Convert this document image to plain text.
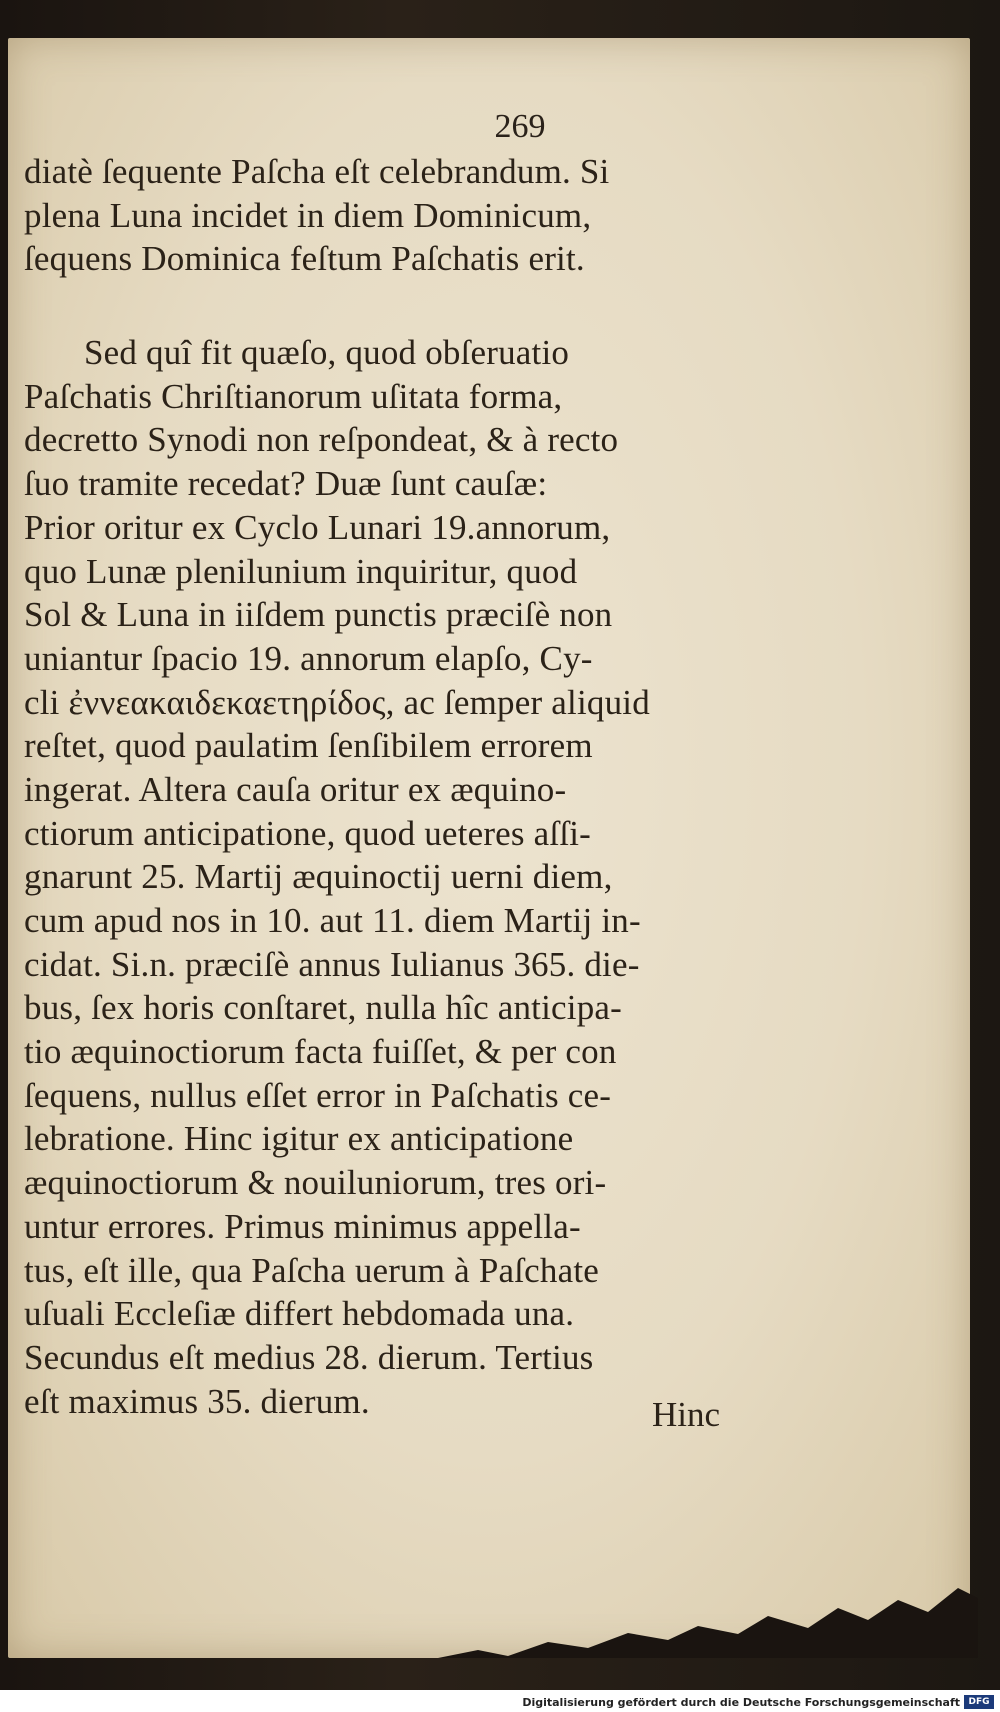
269
diatè ſequente Paſcha eſt celebrandum. Si
plena Luna incidet in diem Dominicum,
ſequens Dominica feſtum Paſchatis erit.
Sed quî fit quæſo, quod obſeruatio
Paſchatis Chriſtianorum uſitata forma,
decretto Synodi non reſpondeat, & à recto
ſuo tramite recedat? Duæ ſunt cauſæ:
Prior oritur ex Cyclo Lunari 19.annorum,
quo Lunæ plenilunium inquiritur, quod
Sol & Luna in iiſdem punctis præciſè non
uniantur ſpacio 19. annorum elapſo, Cy-
cli ἐννεακαιδεκαετηρίδος, ac ſemper aliquid
reſtet, quod paulatim ſenſibilem errorem
ingerat. Altera cauſa oritur ex æquino-
ctiorum anticipatione, quod ueteres aſſi-
gnarunt 25. Martij æquinoctij uerni diem,
cum apud nos in 10. aut 11. diem Martij in-
cidat. Si.n. præciſè annus Iulianus 365. die-
bus, ſex horis conſtaret, nulla hîc anticipa-
tio æquinoctiorum facta fuiſſet, & per con
ſequens, nullus eſſet error in Paſchatis ce-
lebratione. Hinc igitur ex anticipatione
æquinoctiorum & nouiluniorum, tres ori-
untur errores. Primus minimus appella-
tus, eſt ille, qua Paſcha uerum à Paſchate
uſuali Eccleſiæ differt hebdomada una.
Secundus eſt medius 28. dierum. Tertius
eſt maximus 35. dierum.	Hinc
Digitalisierung gefördert durch die Deutsche Forschungsgemeinschaft DFG
